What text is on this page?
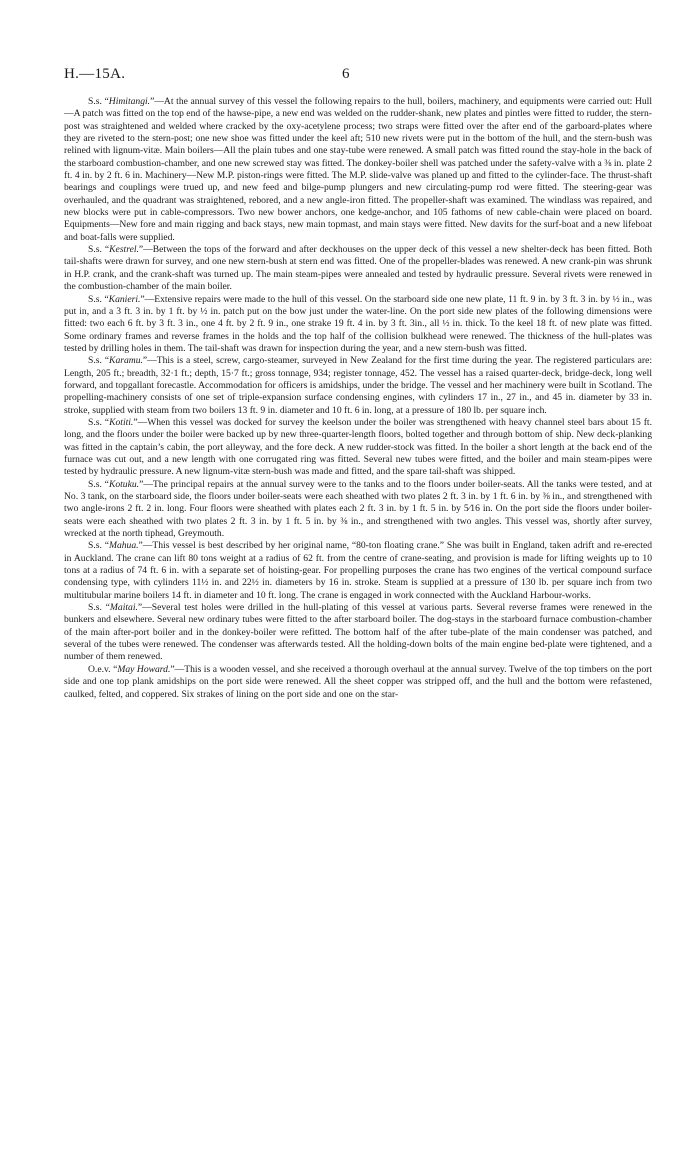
H.—15A.	6

S.s. “Himitangi.”—At the annual survey of this vessel the following repairs to the hull, boilers, machinery, and equipments were carried out: Hull—A patch was fitted on the top end of the hawse-pipe, a new end was welded on the rudder-shank, new plates and pintles were fitted to rudder, the stern-post was straightened and welded where cracked by the oxy-acetylene process; two straps were fitted over the after end of the garboard-plates where they are riveted to the stern-post; one new shoe was fitted under the keel aft; 510 new rivets were put in the bottom of the hull, and the stern-bush was relined with lignum-vitæ. Main boilers—All the plain tubes and one stay-tube were renewed. A small patch was fitted round the stay-hole in the back of the starboard combustion-chamber, and one new screwed stay was fitted. The donkey-boiler shell was patched under the safety-valve with a ⅜ in. plate 2 ft. 4 in. by 2 ft. 6 in. Machinery—New M.P. piston-rings were fitted. The M.P. slide-valve was planed up and fitted to the cylinder-face. The thrust-shaft bearings and couplings were trued up, and new feed and bilge-pump plungers and new circulating-pump rod were fitted. The steering-gear was overhauled, and the quadrant was straightened, rebored, and a new angle-iron fitted. The propeller-shaft was examined. The windlass was repaired, and new blocks were put in cable-compressors. Two new bower anchors, one kedge-anchor, and 105 fathoms of new cable-chain were placed on board. Equipments—New fore and main rigging and back stays, new main topmast, and main stays were fitted. New davits for the surf-boat and a new lifeboat and boat-falls were supplied.

S.s. “Kestrel.”—Between the tops of the forward and after deckhouses on the upper deck of this vessel a new shelter-deck has been fitted. Both tail-shafts were drawn for survey, and one new stern-bush at stern end was fitted. One of the propeller-blades was renewed. A new crank-pin was shrunk in H.P. crank, and the crank-shaft was turned up. The main steam-pipes were annealed and tested by hydraulic pressure. Several rivets were renewed in the combustion-chamber of the main boiler.

S.s. “Kanieri.”—Extensive repairs were made to the hull of this vessel. On the starboard side one new plate, 11 ft. 9 in. by 3 ft. 3 in. by ½ in., was put in, and a 3 ft. 3 in. by 1 ft. by ½ in. patch put on the bow just under the water-line. On the port side new plates of the following dimensions were fitted: two each 6 ft. by 3 ft. 3 in., one 4 ft. by 2 ft. 9 in., one strake 19 ft. 4 in. by 3 ft. 3in., all ½ in. thick. To the keel 18 ft. of new plate was fitted. Some ordinary frames and reverse frames in the holds and the top half of the collision bulkhead were renewed. The thickness of the hull-plates was tested by drilling holes in them. The tail-shaft was drawn for inspection during the year, and a new stern-bush was fitted.

S.s. “Karamu.”—This is a steel, screw, cargo-steamer, surveyed in New Zealand for the first time during the year. The registered particulars are: Length, 205 ft.; breadth, 32·1 ft.; depth, 15·7 ft.; gross tonnage, 934; register tonnage, 452. The vessel has a raised quarter-deck, bridge-deck, long well forward, and topgallant forecastle. Accommodation for officers is amidships, under the bridge. The vessel and her machinery were built in Scotland. The propelling-machinery consists of one set of triple-expansion surface condensing engines, with cylinders 17 in., 27 in., and 45 in. diameter by 33 in. stroke, supplied with steam from two boilers 13 ft. 9 in. diameter and 10 ft. 6 in. long, at a pressure of 180 lb. per square inch.

S.s. “Kotiti.”—When this vessel was docked for survey the keelson under the boiler was strengthened with heavy channel steel bars about 15 ft. long, and the floors under the boiler were backed up by new three-quarter-length floors, bolted together and through bottom of ship. New deck-planking was fitted in the captain’s cabin, the port alleyway, and the fore deck. A new rudder-stock was fitted. In the boiler a short length at the back end of the furnace was cut out, and a new length with one corrugated ring was fitted. Several new tubes were fitted, and the boiler and main steam-pipes were tested by hydraulic pressure. A new lignum-vitæ stern-bush was made and fitted, and the spare tail-shaft was shipped.

S.s. “Kotuku.”—The principal repairs at the annual survey were to the tanks and to the floors under boiler-seats. All the tanks were tested, and at No. 3 tank, on the starboard side, the floors under boiler-seats were each sheathed with two plates 2 ft. 3 in. by 1 ft. 6 in. by ⅜ in., and strengthened with two angle-irons 2 ft. 2 in. long. Four floors were sheathed with plates each 2 ft. 3 in. by 1 ft. 5 in. by 5⁄16 in. On the port side the floors under boiler-seats were each sheathed with two plates 2 ft. 3 in. by 1 ft. 5 in. by ⅜ in., and strengthened with two angles. This vessel was, shortly after survey, wrecked at the north tiphead, Greymouth.

S.s. “Mahua.”—This vessel is best described by her original name, “80-ton floating crane.” She was built in England, taken adrift and re-erected in Auckland. The crane can lift 80 tons weight at a radius of 62 ft. from the centre of crane-seating, and provision is made for lifting weights up to 10 tons at a radius of 74 ft. 6 in. with a separate set of hoisting-gear. For propelling purposes the crane has two engines of the vertical compound surface condensing type, with cylinders 11½ in. and 22½ in. diameters by 16 in. stroke. Steam is supplied at a pressure of 130 lb. per square inch from two multitubular marine boilers 14 ft. in diameter and 10 ft. long. The crane is engaged in work connected with the Auckland Harbour-works.

S.s. “Maitai.”—Several test holes were drilled in the hull-plating of this vessel at various parts. Several reverse frames were renewed in the bunkers and elsewhere. Several new ordinary tubes were fitted to the after starboard boiler. The dog-stays in the starboard furnace combustion-chamber of the main after-port boiler and in the donkey-boiler were refitted. The bottom half of the after tube-plate of the main condenser was patched, and several of the tubes were renewed. The condenser was afterwards tested. All the holding-down bolts of the main engine bed-plate were tightened, and a number of them renewed.

O.e.v. “May Howard.”—This is a wooden vessel, and she received a thorough overhaul at the annual survey. Twelve of the top timbers on the port side and one top plank amidships on the port side were renewed. All the sheet copper was stripped off, and the hull and the bottom were refastened, caulked, felted, and coppered. Six strakes of lining on the port side and one on the star-
